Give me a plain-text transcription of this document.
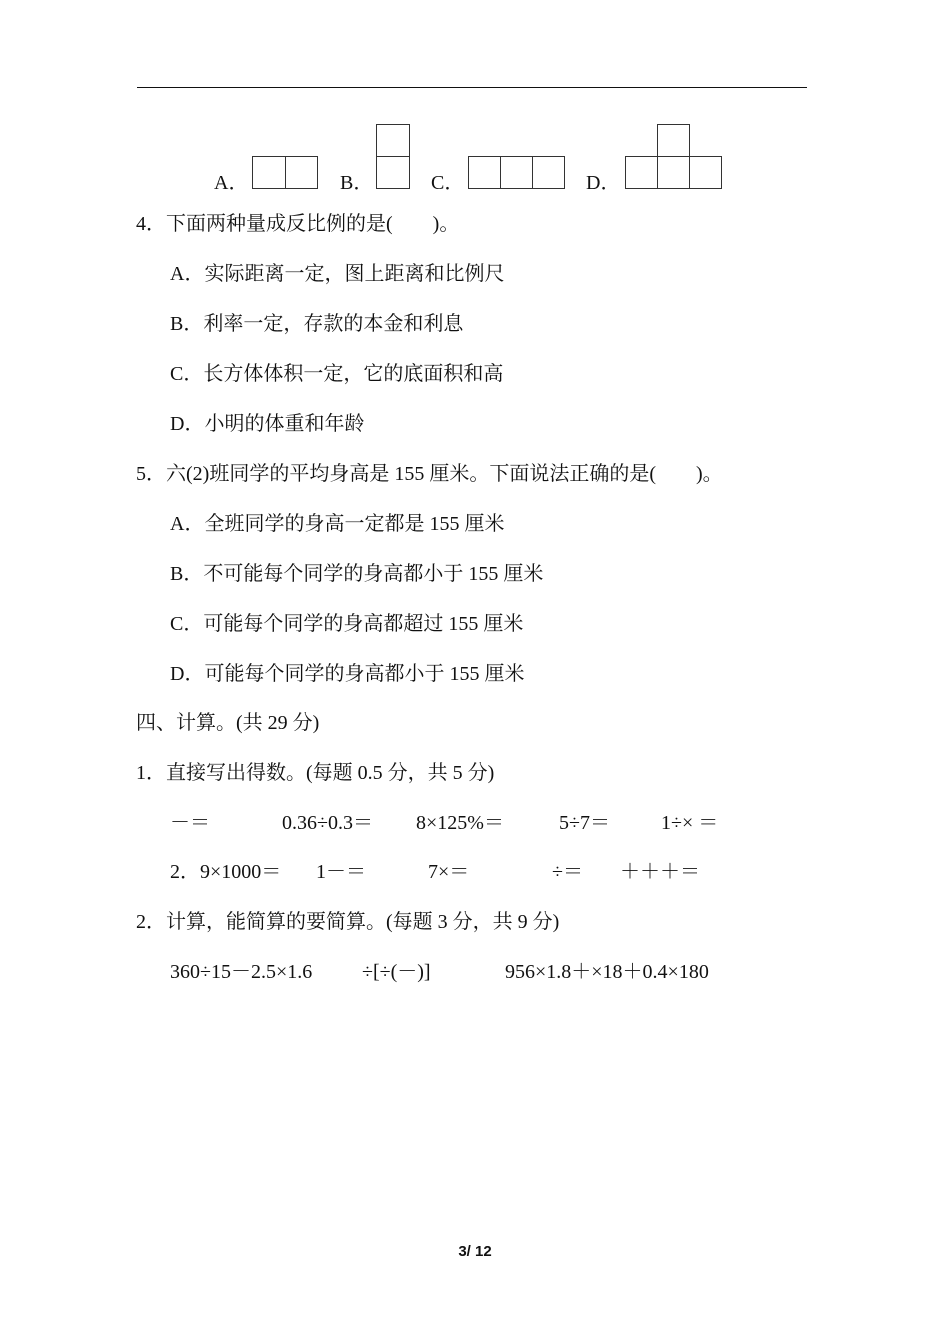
A．	B．	C．	D．
4．下面两种量成反比例的是(　　)。
A．实际距离一定，图上距离和比例尺
B．利率一定，存款的本金和利息
C．长方体体积一定，它的底面积和高
D．小明的体重和年龄
5．六(2)班同学的平均身高是 155 厘米。下面说法正确的是(　　)。
A．全班同学的身高一定都是 155 厘米
B．不可能每个同学的身高都小于 155 厘米
C．可能每个同学的身高都超过 155 厘米
D．可能每个同学的身高都小于 155 厘米
四、计算。(共 29 分)
1．直接写出得数。(每题 0.5 分，共 5 分)
－＝	0.36÷0.3＝ 8×125%＝	5÷7＝	1÷× ＝
2．9×1000＝ 1－＝	7×＝	÷＝ ＋＋＋＝
2．计算，能简算的要简算。(每题 3 分，共 9 分)
360÷15－2.5×1.6 ÷[÷(－)]	956×1.8＋×18＋0.4×180
3/ 12
